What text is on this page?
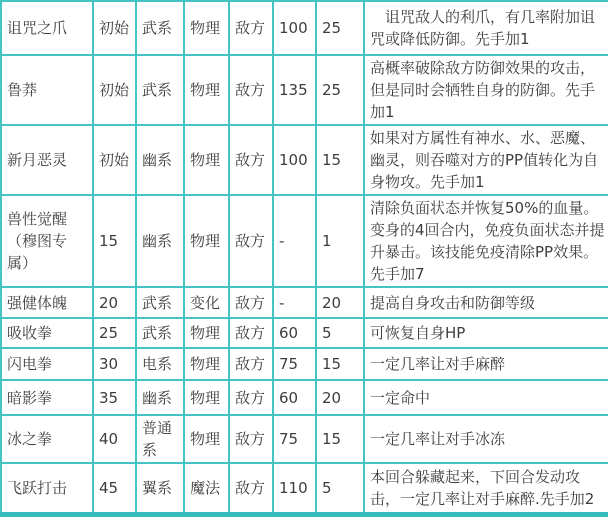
诅咒之爪	初始	武系	物理	敌方	100	25	　诅咒敌人的利爪，有几率附加诅咒或降低防御。先手加1
鲁莽	初始	武系	物理	敌方	135	25	高概率破除敌方防御效果的攻击，但是同时会牺牲自身的防御。先手加1
新月恶灵	初始	幽系	物理	敌方	100	15	如果对方属性有神水、水、恶魔、幽灵，则吞噬对方的PP值转化为自身物攻。先手加1
兽性觉醒（穆图专属）	15	幽系	物理	敌方	-	1	清除负面状态并恢复50%的血量。变身的4回合内，免疫负面状态并提升暴击。该技能免疫清除PP效果。先手加7
强健体魄	20	武系	变化	敌方	-	20	提高自身攻击和防御等级
吸收拳	25	武系	物理	敌方	60	5	可恢复自身HP
闪电拳	30	电系	物理	敌方	75	15	一定几率让对手麻醉
暗影拳	35	幽系	物理	敌方	60	20	一定命中
冰之拳	40	普通系	物理	敌方	75	15	一定几率让对手冰冻
飞跃打击	45	翼系	魔法	敌方	110	5	本回合躲藏起来，下回合发动攻击，一定几率让对手麻醉.先手加2
